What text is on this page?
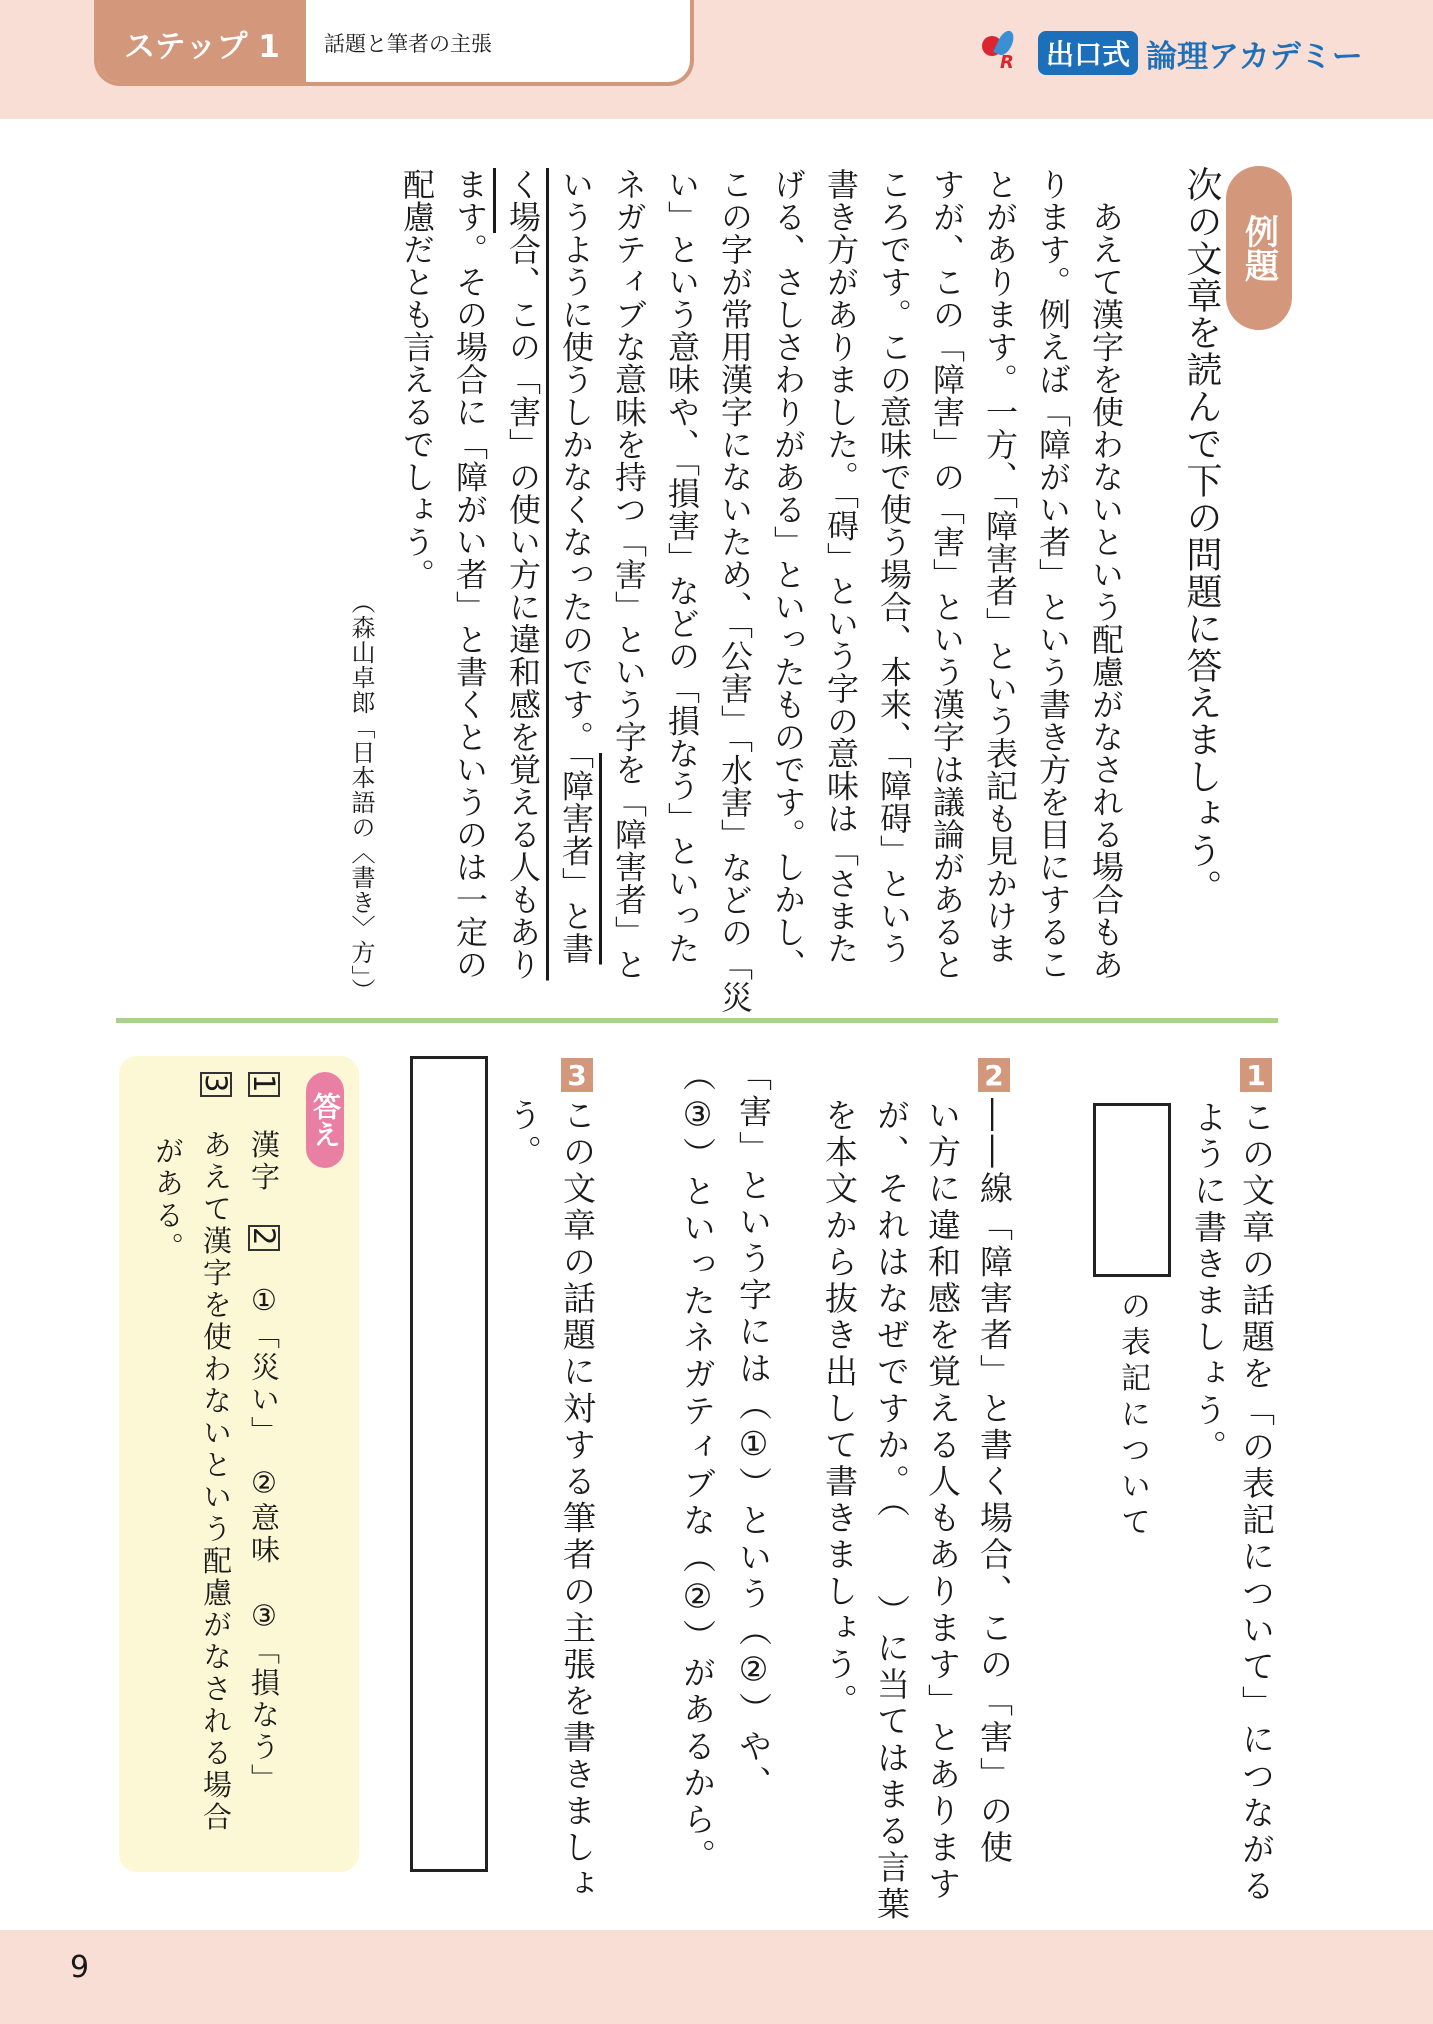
ステップ 1	話題と筆者の主張
R 出口式 論理アカデミー
例題
次の文章を読んで下の問題に答えましょう。
　あえて漢字を使わないという配慮がなされる場合もあ
ります。例えば「障がい者」という書き方を目にするこ
とがあります。一方、「障害者」という表記も見かけま
すが、この「障害」の「害」という漢字は議論があると
ころです。この意味で使う場合、本来、「障碍」という
書き方がありました。「碍」という字の意味は「さまた
げる、さしさわりがある」といったものです。しかし、
この字が常用漢字にないため、「公害」「水害」などの「災
い」という意味や、「損害」などの「損なう」といった
ネガティブな意味を持つ「害」という字を「障害者」と
いうように使うしかなくなったのです。「障害者」と書
く場合、この「害」の使い方に違和感を覚える人もあり
ます。その場合に「障がい者」と書くというのは一定の
配慮だとも言えるでしょう。
（森山卓郎「日本語の〈書き〉方」）
1
この文章の話題を「の表記について」につながる
ように書きましょう。
の表記について
2
――線「障害者」と書く場合、この「害」の使
い方に違和感を覚える人もあります」とあります
が、それはなぜですか。（　　）に当てはまる言葉
を本文から抜き出して書きましょう。
「害」という字には（①）という（②）や、
（③）といったネガティブな（②）があるから。
3
この文章の話題に対する筆者の主張を書きましょ
う。
答え
1　漢字　2　①「災い」　②意味　③「損なう」
3　あえて漢字を使わないという配慮がなされる場合
　　がある。
9
